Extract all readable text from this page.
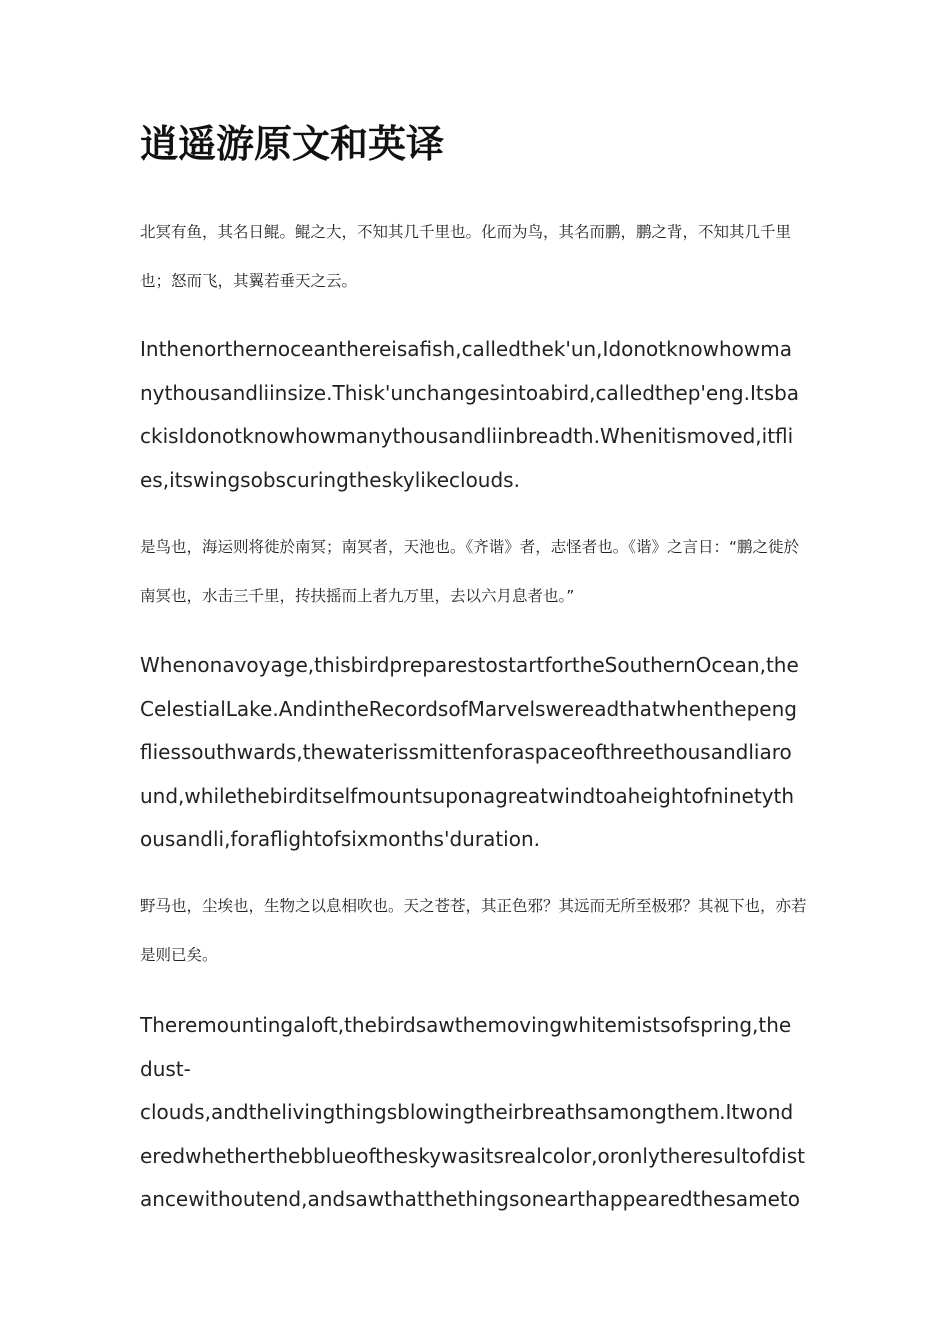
逍遥游原文和英译

北冥有鱼，其名日鲲。鲲之大，不知其几千里也。化而为鸟，其名而鹏，鹏之背，不知其几千里也；怒而飞，其翼若垂天之云。

Inthenorthernoceanthereisafish,calledthek'un,Idonotknowhowma
nythousandliinsize.Thisk'unchangesintoabird,calledthep'eng.Itsba
ckisIdonotknowhowmanythousandliinbreadth.Whenitismoved,itfli
es,itswingsobscuringtheskylikeclouds.

是鸟也，海运则将徙於南冥；南冥者，天池也。《齐谐》者，志怪者也。《谐》之言日：“鹏之徙於南冥也，水击三千里，抟扶摇而上者九万里，去以六月息者也。”

Whenonavoyage,thisbirdpreparestostartfortheSouthernOcean,the
CelestialLake.AndintheRecordsofMarvelswereadthatwhenthepeng
fliessouthwards,thewaterissmittenforaspaceofthreethousandliaro
und,whilethebirditselfmountsuponagreatwindtoaheightofninetyth
ousandli,foraflightofsixmonths'duration.

野马也，尘埃也，生物之以息相吹也。天之苍苍，其正色邪？其远而无所至极邪？其视下也，亦若是则已矣。

Theremountingaloft,thebirdsawthemovingwhitemistsofspring,the
dust-
clouds,andthelivingthingsblowingtheirbreathsamongthem.Itwond
eredwhetherthebblueoftheskywasitsrealcolor,oronlytheresultofdist
ancewithoutend,andsawthatthethingsonearthappearedthesameto
